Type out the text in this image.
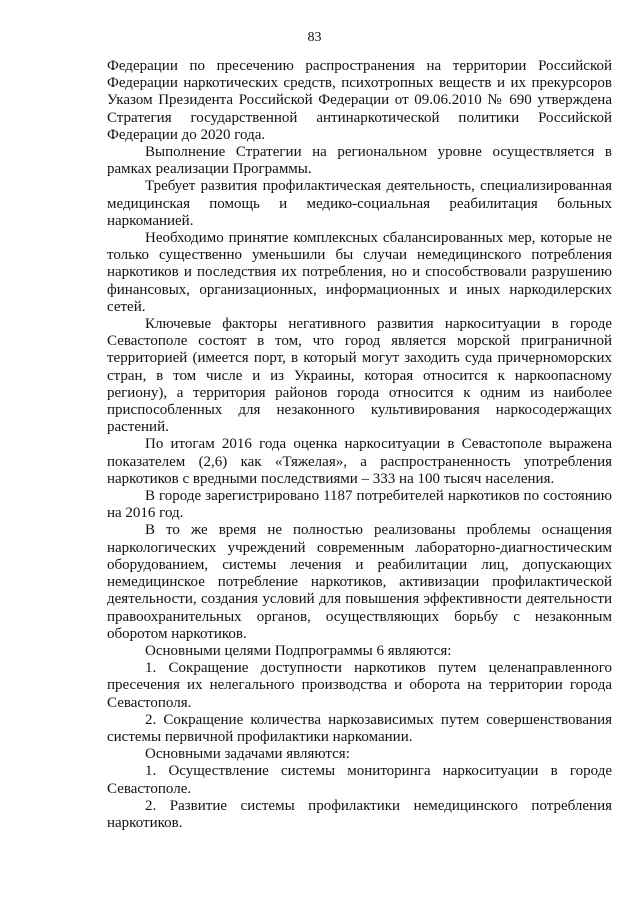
83

Федерации по пресечению распространения на территории Российской Федерации наркотических средств, психотропных веществ и их прекурсоров Указом Президента Российской Федерации от 09.06.2010 № 690 утверждена Стратегия государственной антинаркотической политики Российской Федерации до 2020 года.

Выполнение Стратегии на региональном уровне осуществляется в рамках реализации Программы.

Требует развития профилактическая деятельность, специализированная медицинская помощь и медико-социальная реабилитация больных наркоманией.

Необходимо принятие комплексных сбалансированных мер, которые не только существенно уменьшили бы случаи немедицинского потребления наркотиков и последствия их потребления, но и способствовали разрушению финансовых, организационных, информационных и иных наркодилерских сетей.

Ключевые факторы негативного развития наркоситуации в городе Севастополе состоят в том, что город является морской приграничной территорией (имеется порт, в который могут заходить суда причерноморских стран, в том числе и из Украины, которая относится к наркоопасному региону), а территория районов города относится к одним из наиболее приспособленных для незаконного культивирования наркосодержащих растений.

По итогам 2016 года оценка наркоситуации в Севастополе выражена показателем (2,6) как «Тяжелая», а распространенность употребления наркотиков с вредными последствиями – 333 на 100 тысяч населения.

В городе зарегистрировано 1187 потребителей наркотиков по состоянию на 2016 год.

В то же время не полностью реализованы проблемы оснащения наркологических учреждений современным лабораторно-диагностическим оборудованием, системы лечения и реабилитации лиц, допускающих немедицинское потребление наркотиков, активизации профилактической деятельности, создания условий для повышения эффективности деятельности правоохранительных органов, осуществляющих борьбу с незаконным оборотом наркотиков.

Основными целями Подпрограммы 6 являются:

1. Сокращение доступности наркотиков путем целенаправленного пресечения их нелегального производства и оборота на территории города Севастополя.

2. Сокращение количества наркозависимых путем совершенствования системы первичной профилактики наркомании.

Основными задачами являются:

1. Осуществление системы мониторинга наркоситуации в городе Севастополе.

2. Развитие системы профилактики немедицинского потребления наркотиков.
